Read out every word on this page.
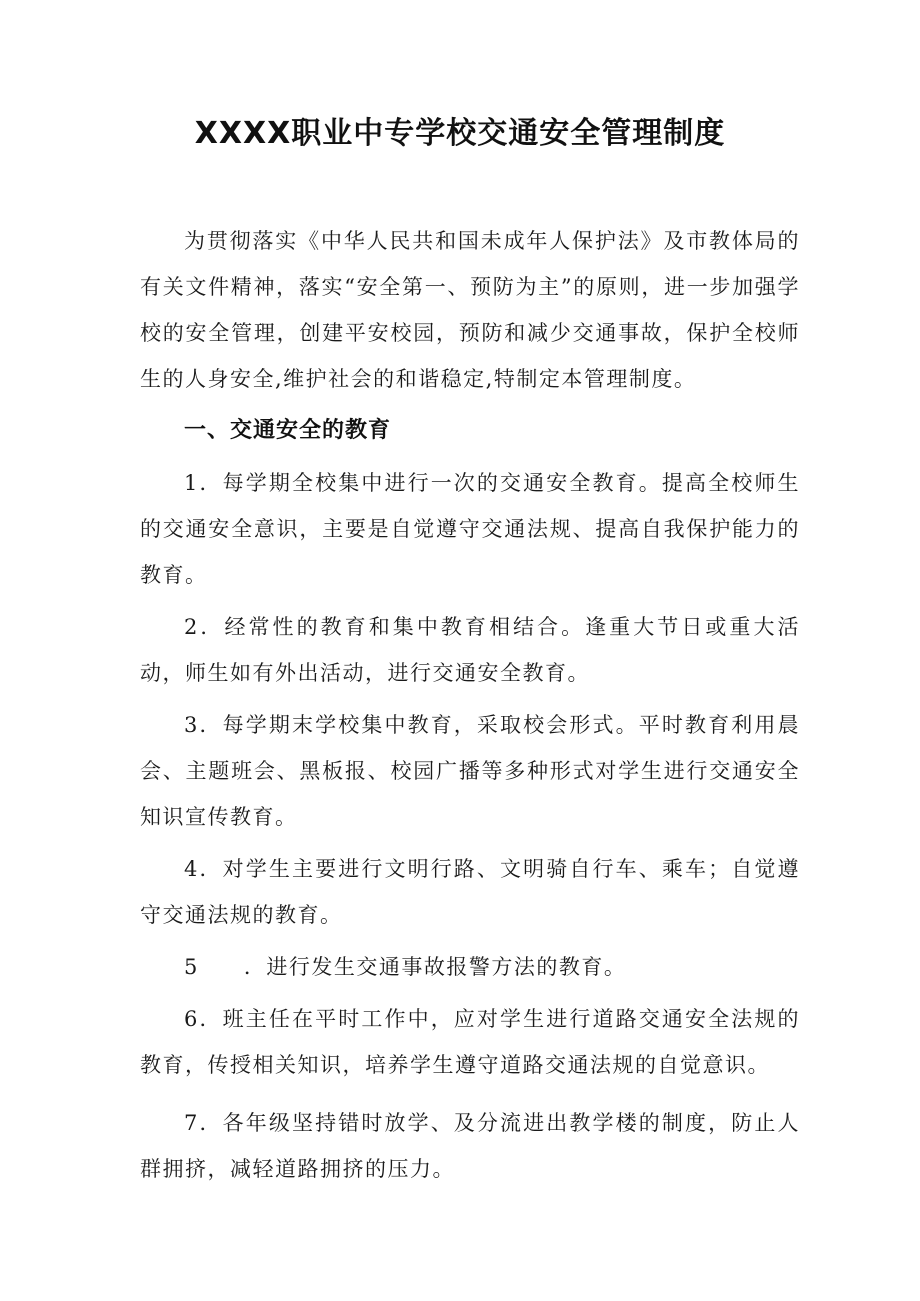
XXXX职业中专学校交通安全管理制度

为贯彻落实《中华人民共和国未成年人保护法》及市教体局的有关文件精神，落实“安全第一、预防为主”的原则，进一步加强学校的安全管理，创建平安校园，预防和减少交通事故，保护全校师生的人身安全,维护社会的和谐稳定,特制定本管理制度。

一、交通安全的教育

1．每学期全校集中进行一次的交通安全教育。提高全校师生的交通安全意识，主要是自觉遵守交通法规、提高自我保护能力的教育。

2．经常性的教育和集中教育相结合。逢重大节日或重大活动，师生如有外出活动，进行交通安全教育。

3．每学期末学校集中教育，采取校会形式。平时教育利用晨会、主题班会、黑板报、校园广播等多种形式对学生进行交通安全知识宣传教育。

4．对学生主要进行文明行路、文明骑自行车、乘车；自觉遵守交通法规的教育。

5　　．进行发生交通事故报警方法的教育。

6．班主任在平时工作中，应对学生进行道路交通安全法规的教育，传授相关知识，培养学生遵守道路交通法规的自觉意识。

7．各年级坚持错时放学、及分流进出教学楼的制度，防止人群拥挤，减轻道路拥挤的压力。
